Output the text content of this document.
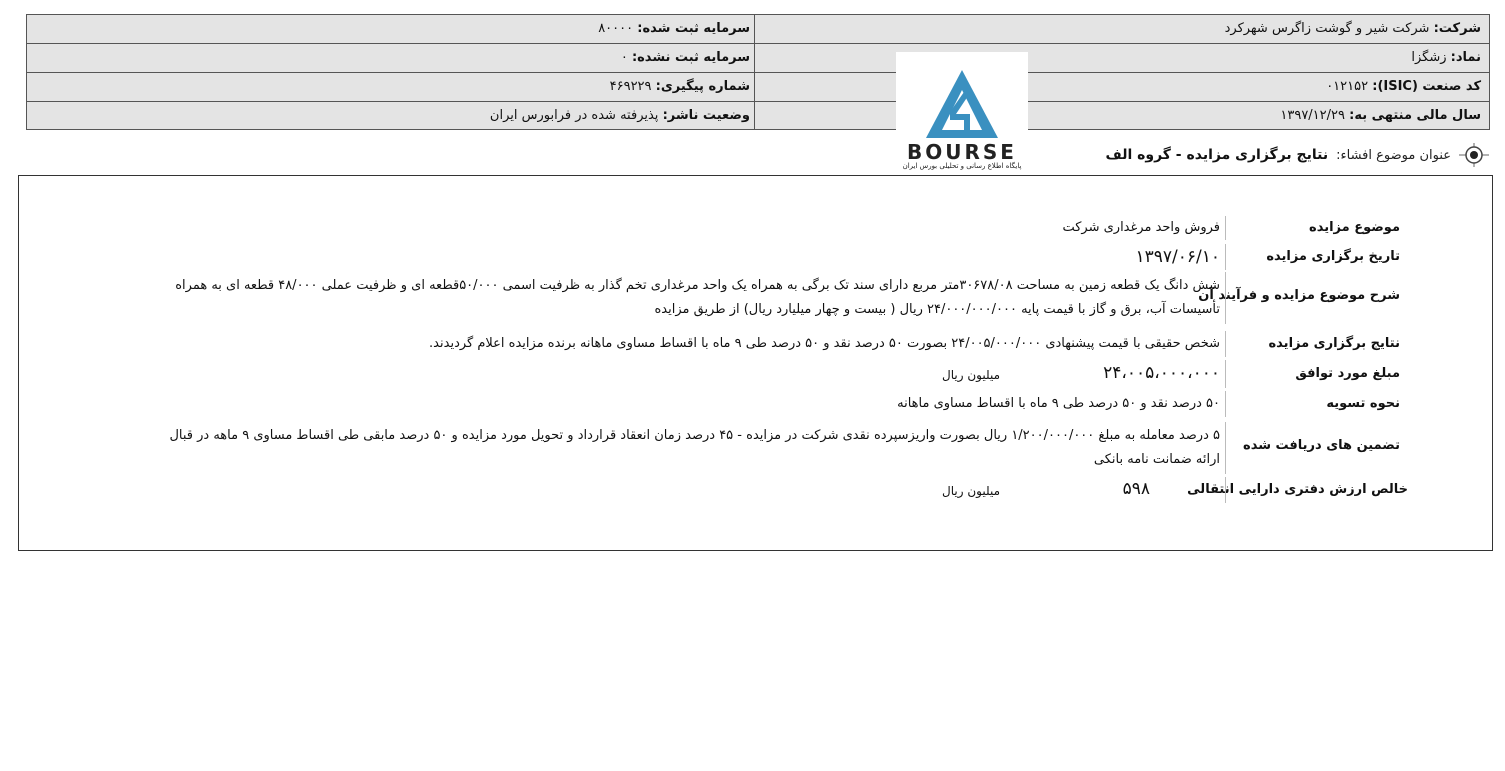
شرکت: شرکت شیر و گوشت زاگرس شهرکرد
سرمایه ثبت شده: ۸۰۰۰۰
نماد: زشگزا
سرمایه ثبت نشده: ۰
کد صنعت (ISIC): ۰۱۲۱۵۲
شماره پیگیری: ۴۶۹۲۲۹
سال مالی منتهی به: ۱۳۹۷/۱۲/۲۹
وضعیت ناشر: پذیرفته شده در فرابورس ایران
BOURSE
پایگاه اطلاع رسانی و تحلیلی بورس ایران
عنوان موضوع افشاء:
نتایج برگزاری مزایده - گروه الف
موضوع مزایده
فروش واحد مرغداری شرکت
تاریخ برگزاری مزایده
۱۳۹۷/۰۶/۱۰
شرح موضوع مزایده و فرآیند آن
شش دانگ یک قطعه زمین به مساحت ۳۰۶۷۸/۰۸متر مربع دارای سند تک برگی به همراه یک واحد مرغداری تخم گذار به ظرفیت اسمی ۵۰/۰۰۰قطعه ای و ظرفیت عملی ۴۸/۰۰۰ قطعه ای به همراه تأسیسات آب، برق و گاز با قیمت پایه ۲۴/۰۰۰/۰۰۰/۰۰۰ ریال ( بیست و چهار میلیارد ریال) از طریق مزایده
نتایج برگزاری مزایده
شخص حقیقی با قیمت پیشنهادی ۲۴/۰۰۵/۰۰۰/۰۰۰ بصورت ۵۰ درصد نقد و ۵۰ درصد طی ۹ ماه با اقساط مساوی ماهانه برنده مزایده اعلام گردیدند.
مبلغ مورد توافق
۲۴،۰۰۵،۰۰۰،۰۰۰
میلیون ریال
نحوه تسویه
۵۰ درصد نقد و ۵۰ درصد طی ۹ ماه با اقساط مساوی ماهانه
تضمین های دریافت شده
۵ درصد معامله به مبلغ ۱/۲۰۰/۰۰۰/۰۰۰ ریال بصورت واریزسپرده نقدی شرکت در مزایده - ۴۵ درصد زمان انعقاد قرارداد و تحویل مورد مزایده و ۵۰ درصد مابقی طی اقساط مساوی ۹ ماهه در قبال ارائه ضمانت نامه بانکی
خالص ارزش دفتری دارایی انتقالی
۵۹۸
میلیون ریال
